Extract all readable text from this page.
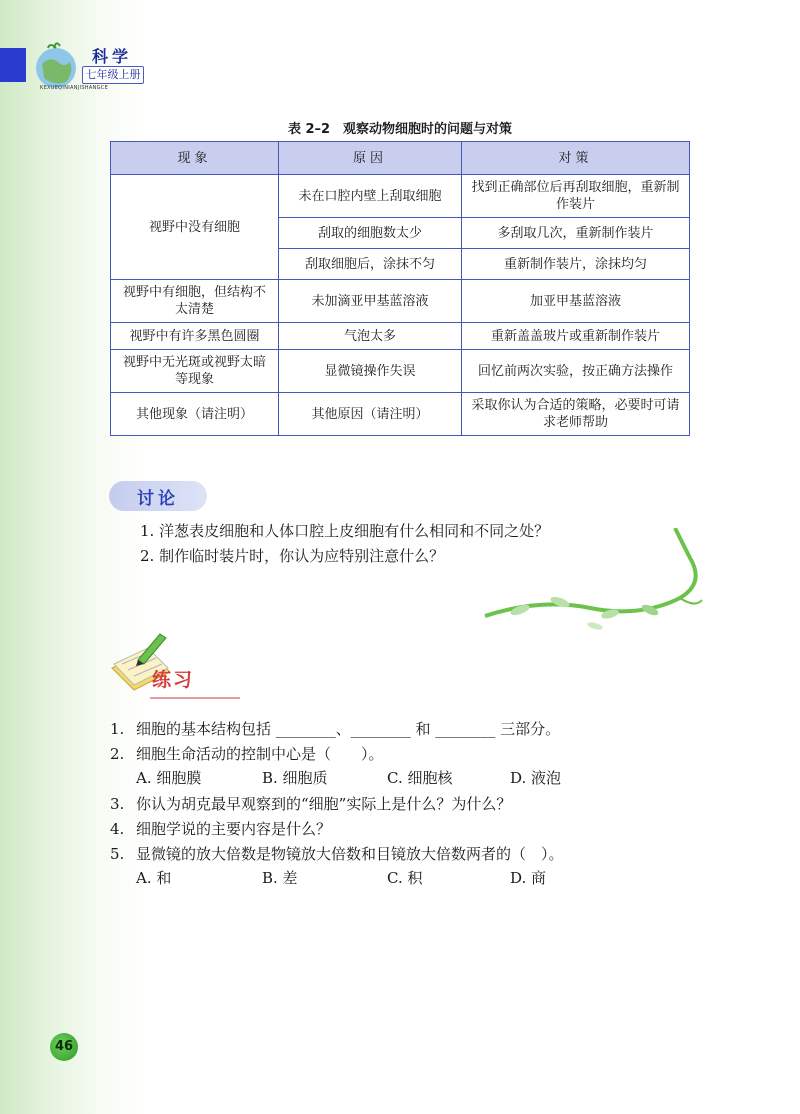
科学
七年级上册
KEXUEQINIANJISHANGCE
表 2–2　观察动物细胞时的问题与对策
现象	原因	对策
视野中没有细胞	未在口腔内壁上刮取细胞	找到正确部位后再刮取细胞，重新制作装片
	刮取的细胞数太少	多刮取几次，重新制作装片
	刮取细胞后，涂抹不匀	重新制作装片，涂抹均匀
视野中有细胞，但结构不太清楚	未加滴亚甲基蓝溶液	加亚甲基蓝溶液
视野中有许多黑色圆圈	气泡太多	重新盖盖玻片或重新制作装片
视野中无光斑或视野太暗等现象	显微镜操作失误	回忆前两次实验，按正确方法操作
其他现象（请注明）	其他原因（请注明）	采取你认为合适的策略，必要时可请求老师帮助
讨论
1. 洋葱表皮细胞和人体口腔上皮细胞有什么相同和不同之处？
2. 制作临时装片时，你认为应特别注意什么？
练习
1. 细胞的基本结构包括 ________、________ 和 ________ 三部分。
2. 细胞生命活动的控制中心是（　　）。
A. 细胞膜	B. 细胞质	C. 细胞核	D. 液泡
3. 你认为胡克最早观察到的“细胞”实际上是什么？为什么？
4. 细胞学说的主要内容是什么？
5. 显微镜的放大倍数是物镜放大倍数和目镜放大倍数两者的（　）。
A. 和	B. 差	C. 积	D. 商
46
